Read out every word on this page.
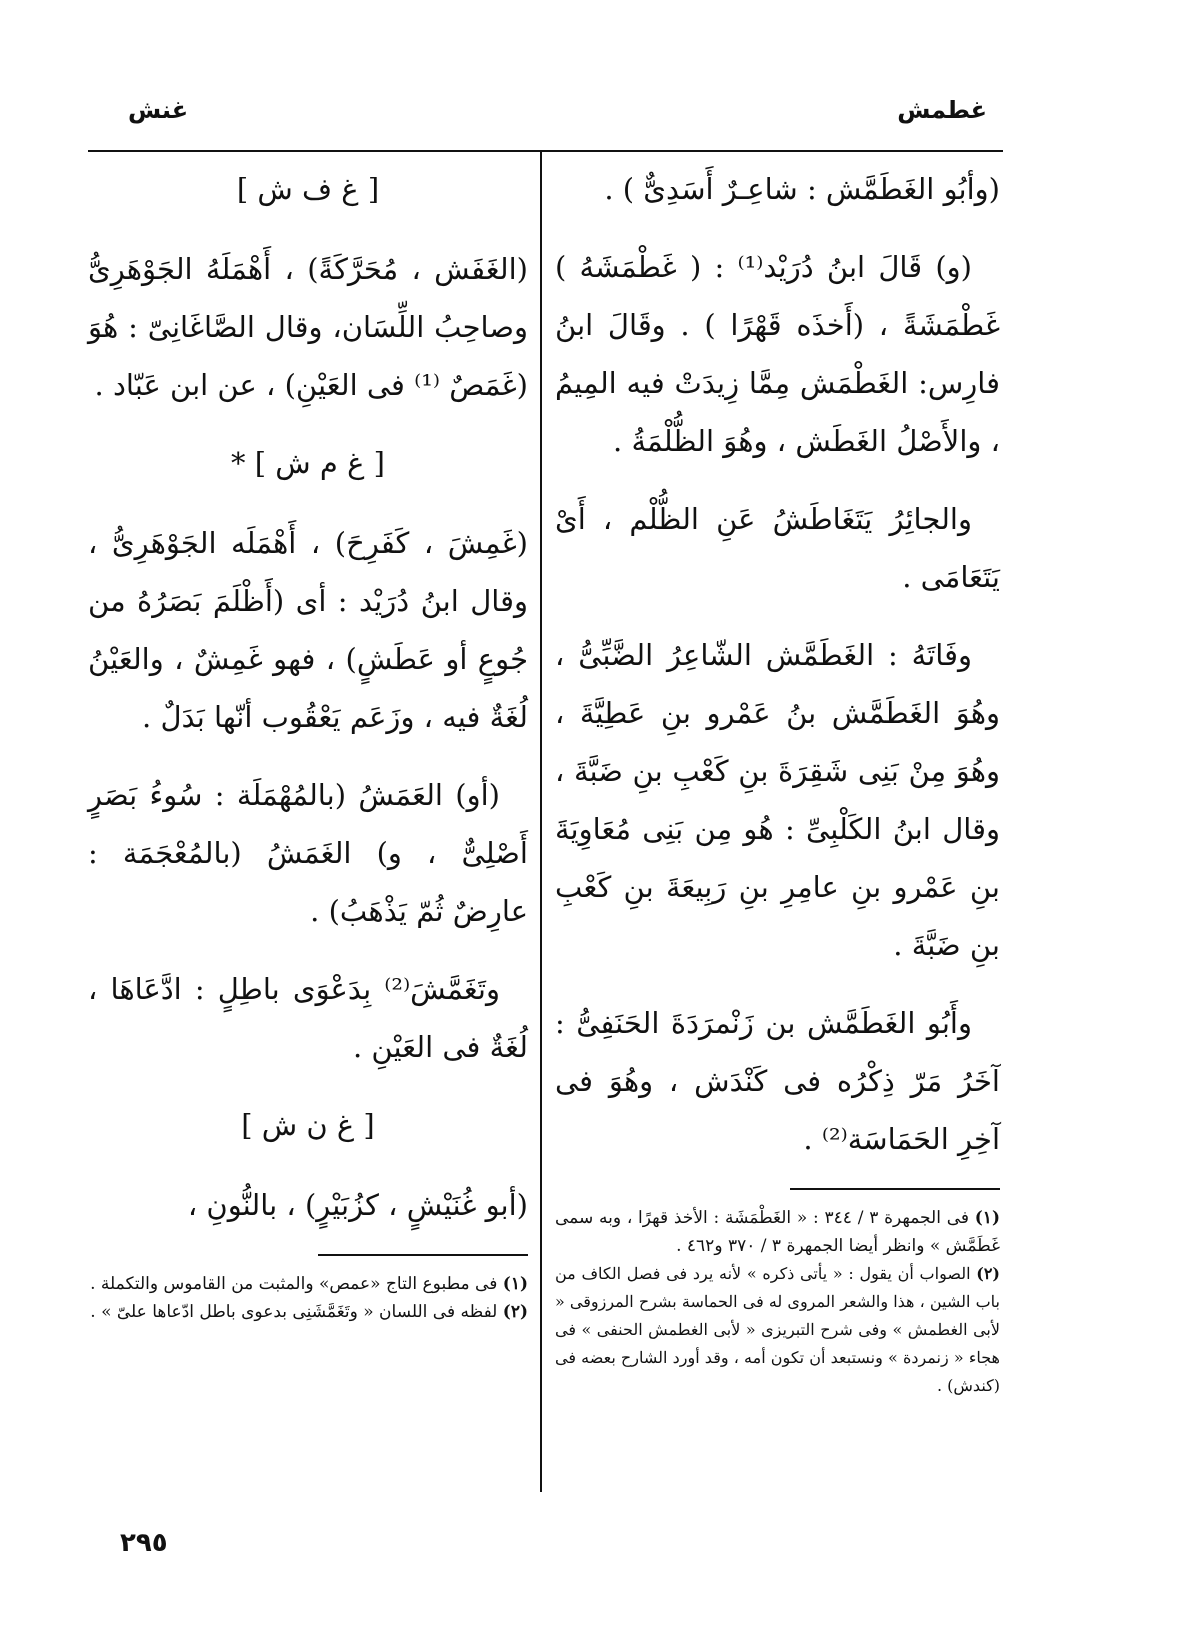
غطمش
غنش

(وأبُو الغَطَمَّش : شاعِـرٌ أَسَدِىٌّ ) .

(و) قَالَ ابنُ دُرَيْد⁽¹⁾ : ( غَطْمَشَهُ ) غَطْمَشَةً ، (أَخذَه قَهْرًا ) . وقَالَ ابنُ فارِس: الغَطْمَش مِمَّا زِيدَتْ فيه المِيمُ ، والأَصْلُ الغَطَش ، وهُوَ الظُّلْمَةُ .

والجائِرُ يَتَغَاطَشُ عَنِ الظُّلْم ، أَىْ يَتَعَامَى .

وفَاتَهُ : الغَطَمَّش الشّاعِرُ الضَّبِّىُّ ، وهُوَ الغَطَمَّش بنُ عَمْرو بنِ عَطِيَّةَ ، وهُوَ مِنْ بَنِى شَقِرَةَ بنِ كَعْبِ بنِ ضَبَّةَ ، وقال ابنُ الكَلْبِىِّ : هُو مِن بَنِى مُعَاوِيَةَ بنِ عَمْرو بنِ عامِرِ بنِ رَبِيعَةَ بنِ كَعْبِ بنِ ضَبَّةَ .

وأَبُو الغَطَمَّش بن زَنْمرَدَةَ الحَنَفِىُّ : آخَرُ مَرّ ذِكْرُه فى كَنْدَش ، وهُوَ فى آخِرِ الحَمَاسَة⁽²⁾ .

(١) فى الجمهرة ٣ / ٣٤٤ : « الغَطْمَشَة : الأخذ قهرًا ، وبه سمى غَطَمَّش » وانظر أيضا الجمهرة ٣ / ٣٧٠ و٤٦٢ .

(٢) الصواب أن يقول : « يأتى ذكره » لأنه يرد فى فصل الكاف من باب الشين ، هذا والشعر المروى له فى الحماسة بشرح المرزوقى « لأبى الغطمش » وفى شرح التبريزى « لأبى الغطمش الحنفى » فى هجاء « زنمردة » ونستبعد أن تكون أمه ، وقد أورد الشارح بعضه فى (كندش) .

[ غ ف ش ]

(الغَفَش ، مُحَرَّكَةً) ، أَهْمَلَهُ الجَوْهَرِىُّ وصاحِبُ اللِّسَان، وقال الصَّاغَانِىّ : هُوَ (غَمَصٌ ⁽¹⁾ فى العَيْنِ) ، عن ابن عَبّاد .

[ غ م ش ] *

(غَمِشَ ، كَفَرِحَ) ، أَهْمَلَه الجَوْهَرِىُّ ، وقال ابنُ دُرَيْد : أى (أَظْلَمَ بَصَرُهُ من جُوعٍ أو عَطَشٍ) ، فهو غَمِشٌ ، والعَيْنُ لُغَةٌ فيه ، وزَعَم يَعْقُوب أنّها بَدَلٌ .

(أو) العَمَشُ (بالمُهْمَلَة : سُوءُ بَصَرٍ أَصْلِىٌّ ، و) الغَمَشُ (بالمُعْجَمَة : عارِضٌ ثُمّ يَذْهَبُ) .

وتَغَمَّشَ⁽²⁾ بِدَعْوَى باطِلٍ : ادَّعَاهَا ، لُغَةٌ فى العَيْنِ .

[ غ ن ش ]

(أبو غُنَيْشٍ ، كزُبَيْرٍ) ، بالنُّونِ ،

(١) فى مطبوع التاج «عمص» والمثبت من القاموس والتكملة .

(٢) لفظه فى اللسان « وتَغَمَّشَنِى بدعوى باطل ادّعاها علىّ » .

٢٩٥
